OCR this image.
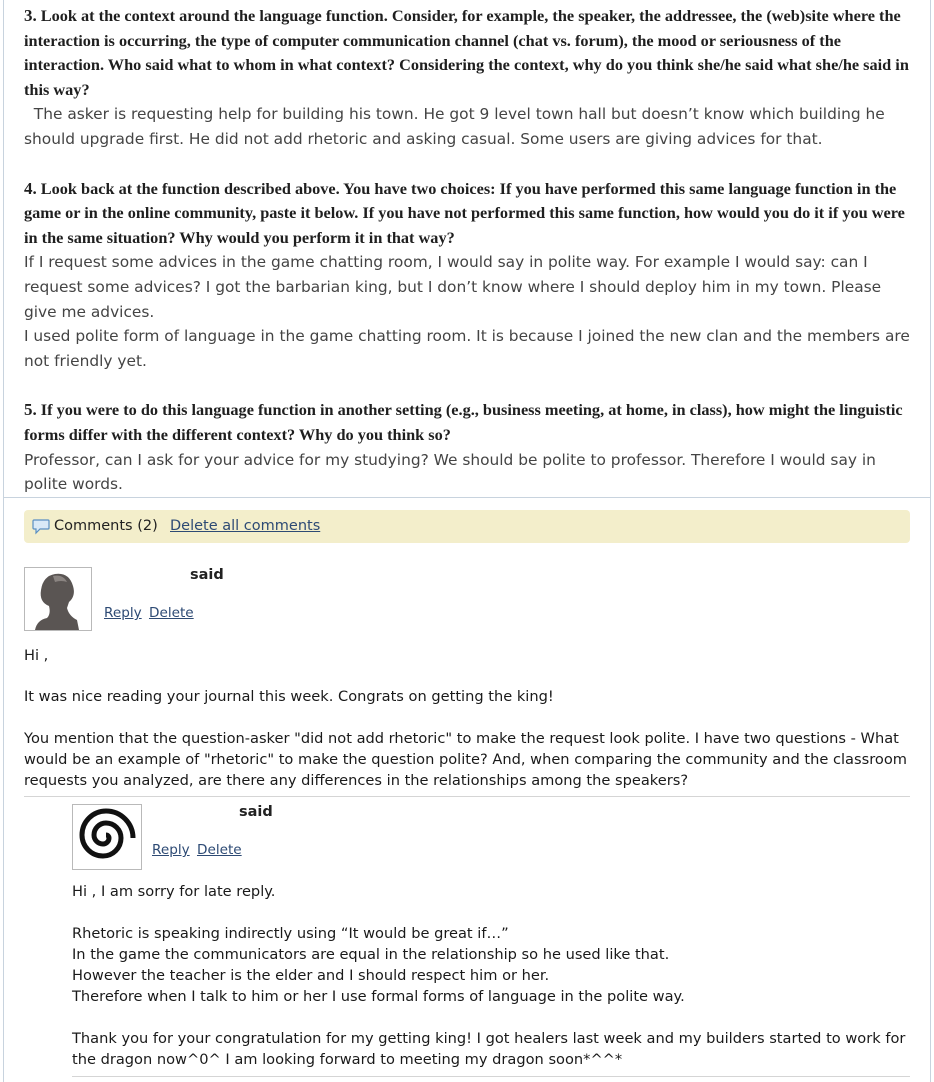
3. Look at the context around the language function. Consider, for example, the speaker, the addressee, the (web)site where the interaction is occurring, the type of computer communication channel (chat vs. forum), the mood or seriousness of the interaction. Who said what to whom in what context? Considering the context, why do you think she/he said what she/he said in this way?

The asker is requesting help for building his town. He got 9 level town hall but doesn’t know which building he should upgrade first. He did not add rhetoric and asking casual. Some users are giving advices for that.

4. Look back at the function described above. You have two choices: If you have performed this same language function in the game or in the online community, paste it below. If you have not performed this same function, how would you do it if you were in the same situation? Why would you perform it in that way?

If I request some advices in the game chatting room, I would say in polite way. For example I would say: can I request some advices? I got the barbarian king, but I don’t know where I should deploy him in my town. Please give me advices.

I used polite form of language in the game chatting room. It is because I joined the new clan and the members are not friendly yet.

5. If you were to do this language function in another setting (e.g., business meeting, at home, in class), how might the linguistic forms differ with the different context? Why do you think so?

Professor, can I ask for your advice for my studying? We should be polite to professor. Therefore I would say in polite words.

Comments (2) Delete all comments
said
Reply Delete

Hi ,

It was nice reading your journal this week. Congrats on getting the king!

You mention that the question-asker "did not add rhetoric" to make the request look polite. I have two questions - What would be an example of "rhetoric" to make the question polite? And, when comparing the community and the classroom requests you analyzed, are there any differences in the relationships among the speakers?

said
Reply Delete

Hi , I am sorry for late reply.

Rhetoric is speaking indirectly using “It would be great if…”

In the game the communicators are equal in the relationship so he used like that.

However the teacher is the elder and I should respect him or her.

Therefore when I talk to him or her I use formal forms of language in the polite way.

Thank you for your congratulation for my getting king! I got healers last week and my builders started to work for the dragon now^0^ I am looking forward to meeting my dragon soon*^^*
